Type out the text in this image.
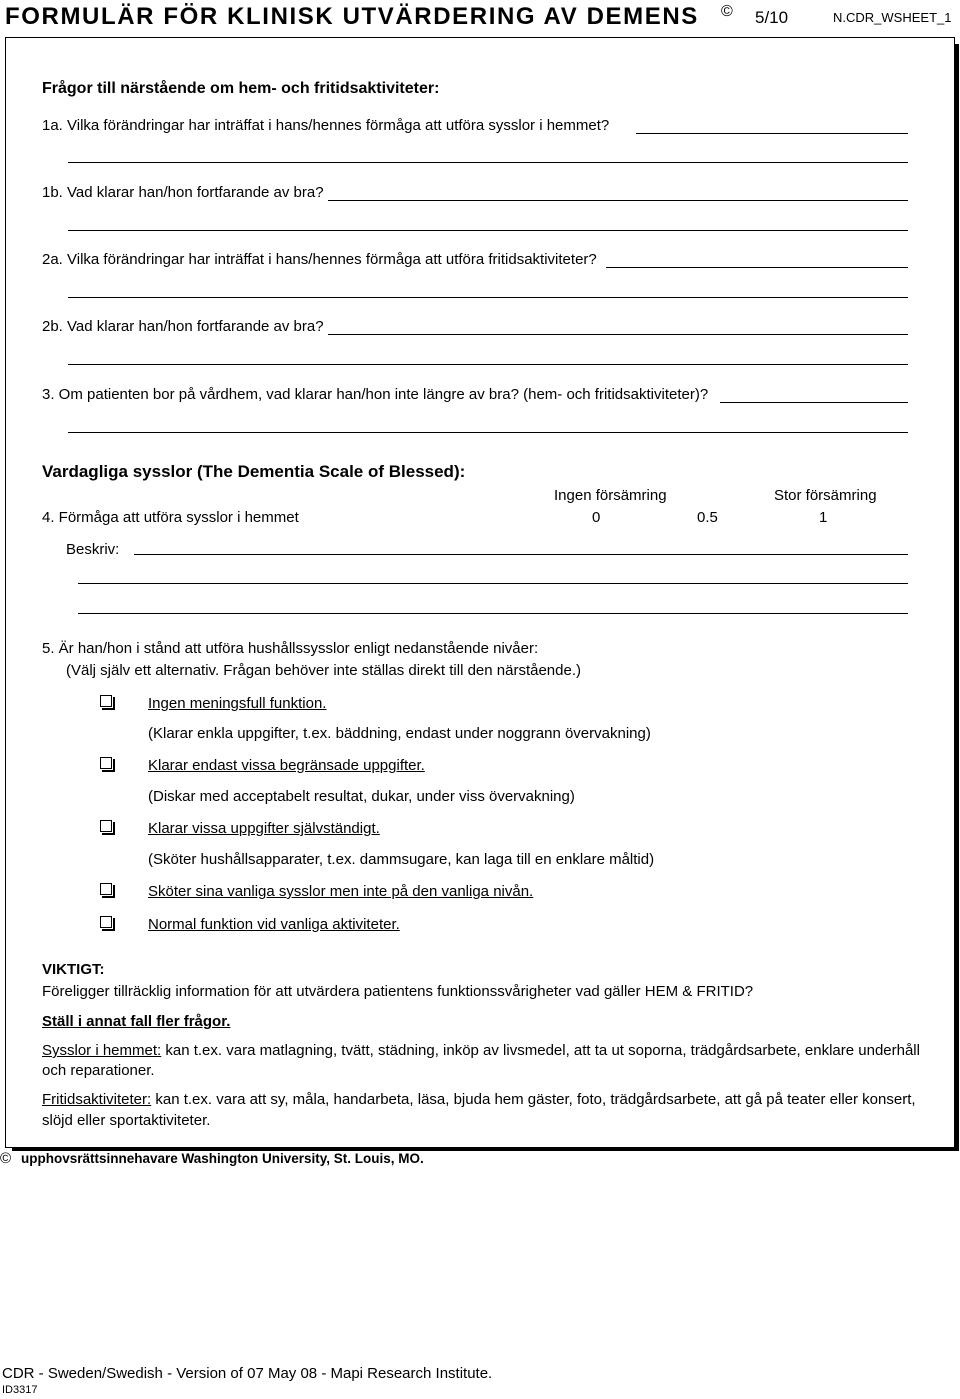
FORMULÄR FÖR KLINISK UTVÄRDERING AV DEMENS © 5/10	N.CDR_WSHEET_1
Frågor till närstående om hem- och fritidsaktiviteter:
1a. Vilka förändringar har inträffat i hans/hennes förmåga att utföra sysslor i hemmet?
1b. Vad klarar han/hon fortfarande av bra?
2a. Vilka förändringar har inträffat i hans/hennes förmåga att utföra fritidsaktiviteter?
2b. Vad klarar han/hon fortfarande av bra?
3. Om patienten bor på vårdhem, vad klarar han/hon inte längre av bra? (hem- och fritidsaktiviteter)?
Vardagliga sysslor (The Dementia Scale of Blessed):
Ingen försämring	Stor försämring
4. Förmåga att utföra sysslor i hemmet	0	0.5	1
Beskriv:
5. Är han/hon i stånd att utföra hushållssysslor enligt nedanstående nivåer:
(Välj själv ett alternativ. Frågan behöver inte ställas direkt till den närstående.)
Ingen meningsfull funktion.
(Klarar enkla uppgifter, t.ex. bäddning, endast under noggrann övervakning)
Klarar endast vissa begränsade uppgifter.
(Diskar med acceptabelt resultat, dukar, under viss övervakning)
Klarar vissa uppgifter självständigt.
(Sköter hushållsapparater, t.ex. dammsugare, kan laga till en enklare måltid)
Sköter sina vanliga sysslor men inte på den vanliga nivån.
Normal funktion vid vanliga aktiviteter.
VIKTIGT:
Föreligger tillräcklig information för att utvärdera patientens funktionssvårigheter vad gäller HEM & FRITID?
Ställ i annat fall fler frågor.
Sysslor i hemmet: kan t.ex. vara matlagning, tvätt, städning, inköp av livsmedel, att ta ut soporna, trädgårdsarbete, enklare underhåll
och reparationer.
Fritidsaktiviteter: kan t.ex. vara att sy, måla, handarbeta, läsa, bjuda hem gäster, foto, trädgårdsarbete, att gå på teater eller konsert,
slöjd eller sportaktiviteter.
© upphovsrättsinnehavare Washington University, St. Louis, MO.
CDR - Sweden/Swedish - Version of 07 May 08 - Mapi Research Institute.
ID3317
